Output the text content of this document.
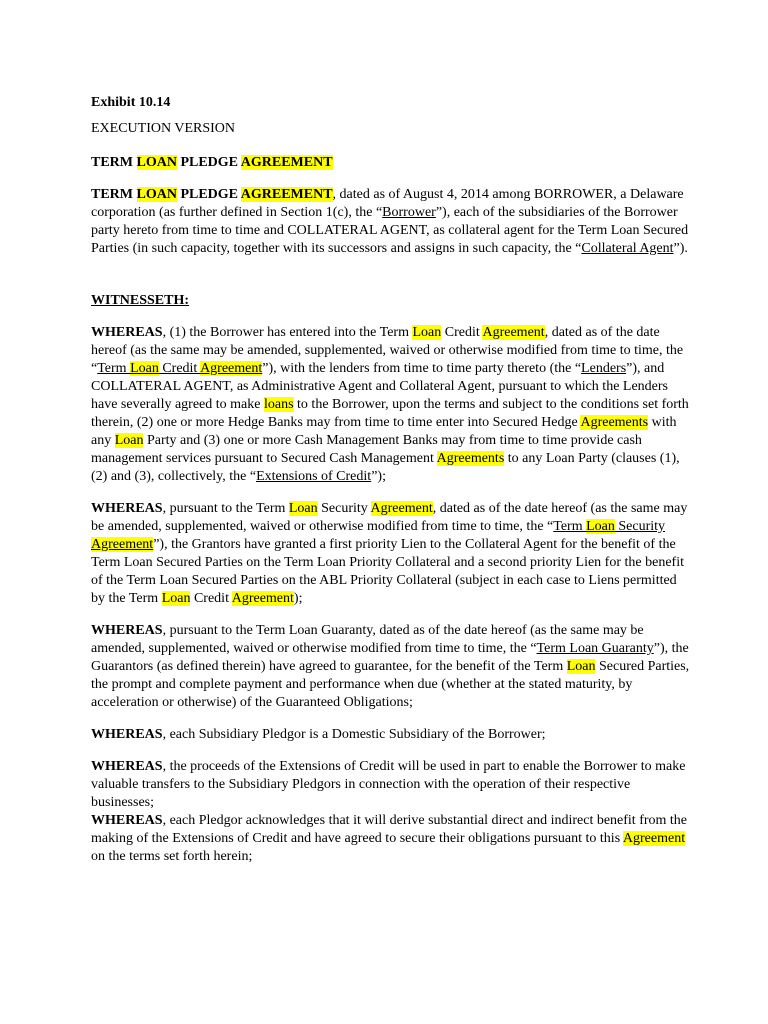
Exhibit 10.14

EXECUTION VERSION

TERM LOAN PLEDGE AGREEMENT

TERM LOAN PLEDGE AGREEMENT, dated as of August 4, 2014 among BORROWER, a Delaware corporation (as further defined in Section 1(c), the “Borrower”), each of the subsidiaries of the Borrower party hereto from time to time and COLLATERAL AGENT, as collateral agent for the Term Loan Secured Parties (in such capacity, together with its successors and assigns in such capacity, the “Collateral Agent”).

WITNESSETH:

WHEREAS, (1) the Borrower has entered into the Term Loan Credit Agreement, dated as of the date hereof (as the same may be amended, supplemented, waived or otherwise modified from time to time, the “Term Loan Credit Agreement”), with the lenders from time to time party thereto (the “Lenders”), and COLLATERAL AGENT, as Administrative Agent and Collateral Agent, pursuant to which the Lenders have severally agreed to make loans to the Borrower, upon the terms and subject to the conditions set forth therein, (2) one or more Hedge Banks may from time to time enter into Secured Hedge Agreements with any Loan Party and (3) one or more Cash Management Banks may from time to time provide cash management services pursuant to Secured Cash Management Agreements to any Loan Party (clauses (1), (2) and (3), collectively, the “Extensions of Credit”);

WHEREAS, pursuant to the Term Loan Security Agreement, dated as of the date hereof (as the same may be amended, supplemented, waived or otherwise modified from time to time, the “Term Loan Security Agreement”), the Grantors have granted a first priority Lien to the Collateral Agent for the benefit of the Term Loan Secured Parties on the Term Loan Priority Collateral and a second priority Lien for the benefit of the Term Loan Secured Parties on the ABL Priority Collateral (subject in each case to Liens permitted by the Term Loan Credit Agreement);

WHEREAS, pursuant to the Term Loan Guaranty, dated as of the date hereof (as the same may be amended, supplemented, waived or otherwise modified from time to time, the “Term Loan Guaranty”), the Guarantors (as defined therein) have agreed to guarantee, for the benefit of the Term Loan Secured Parties, the prompt and complete payment and performance when due (whether at the stated maturity, by acceleration or otherwise) of the Guaranteed Obligations;

WHEREAS, each Subsidiary Pledgor is a Domestic Subsidiary of the Borrower;

WHEREAS, the proceeds of the Extensions of Credit will be used in part to enable the Borrower to make valuable transfers to the Subsidiary Pledgors in connection with the operation of their respective businesses;

WHEREAS, each Pledgor acknowledges that it will derive substantial direct and indirect benefit from the making of the Extensions of Credit and have agreed to secure their obligations pursuant to this Agreement on the terms set forth herein;
